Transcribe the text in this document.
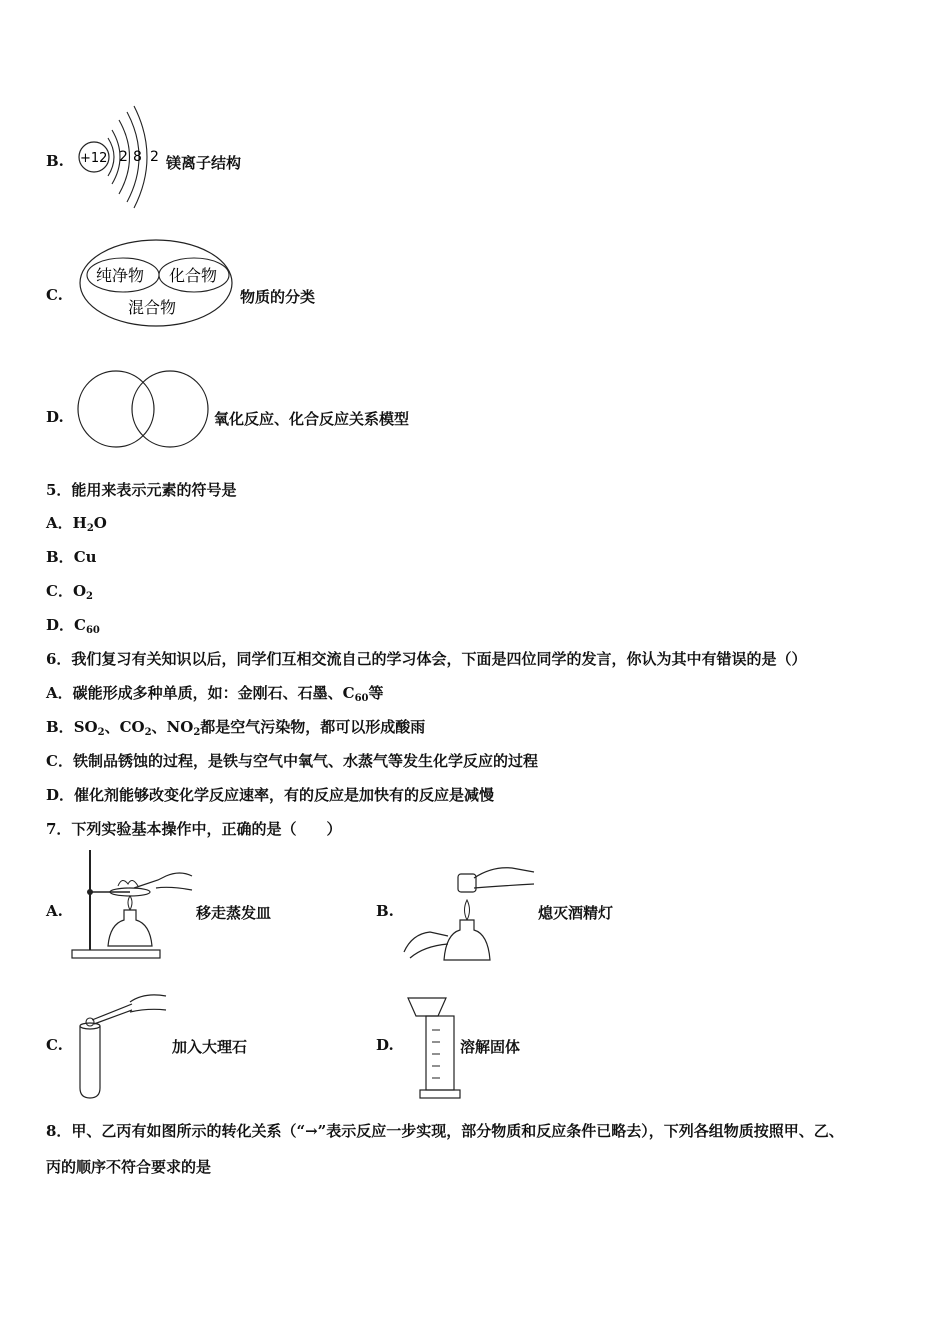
B. +12 2 8 2 镁离子结构
C.
纯净物 化合物
混合物
物质的分类
D.	氧化反应、化合反应关系模型
5．能用来表示元素的符号是
A．$H_2O$
B．Cu
C．$O_2$
D．$C_{60}$
6．我们复习有关知识以后，同学们互相交流自己的学习体会，下面是四位同学的发言，你认为其中有错误的是（）
A．碳能形成多种单质，如：金刚石、石墨、$C_{60}$等
B．$SO_2$、$CO_2$、$NO_2$都是空气污染物，都可以形成酸雨
C．铁制品锈蚀的过程，是铁与空气中氧气、水蒸气等发生化学反应的过程
D．催化剂能够改变化学反应速率，有的反应是加快有的反应是减慢
7．下列实验基本操作中，正确的是（　　）
A.	移走蒸发皿	B.	熄灭酒精灯
C.	加入大理石	D.	溶解固体
8．甲、乙丙有如图所示的转化关系（“→”表示反应一步实现，部分物质和反应条件已略去），下列各组物质按照甲、乙、
丙的顺序不符合要求的是
